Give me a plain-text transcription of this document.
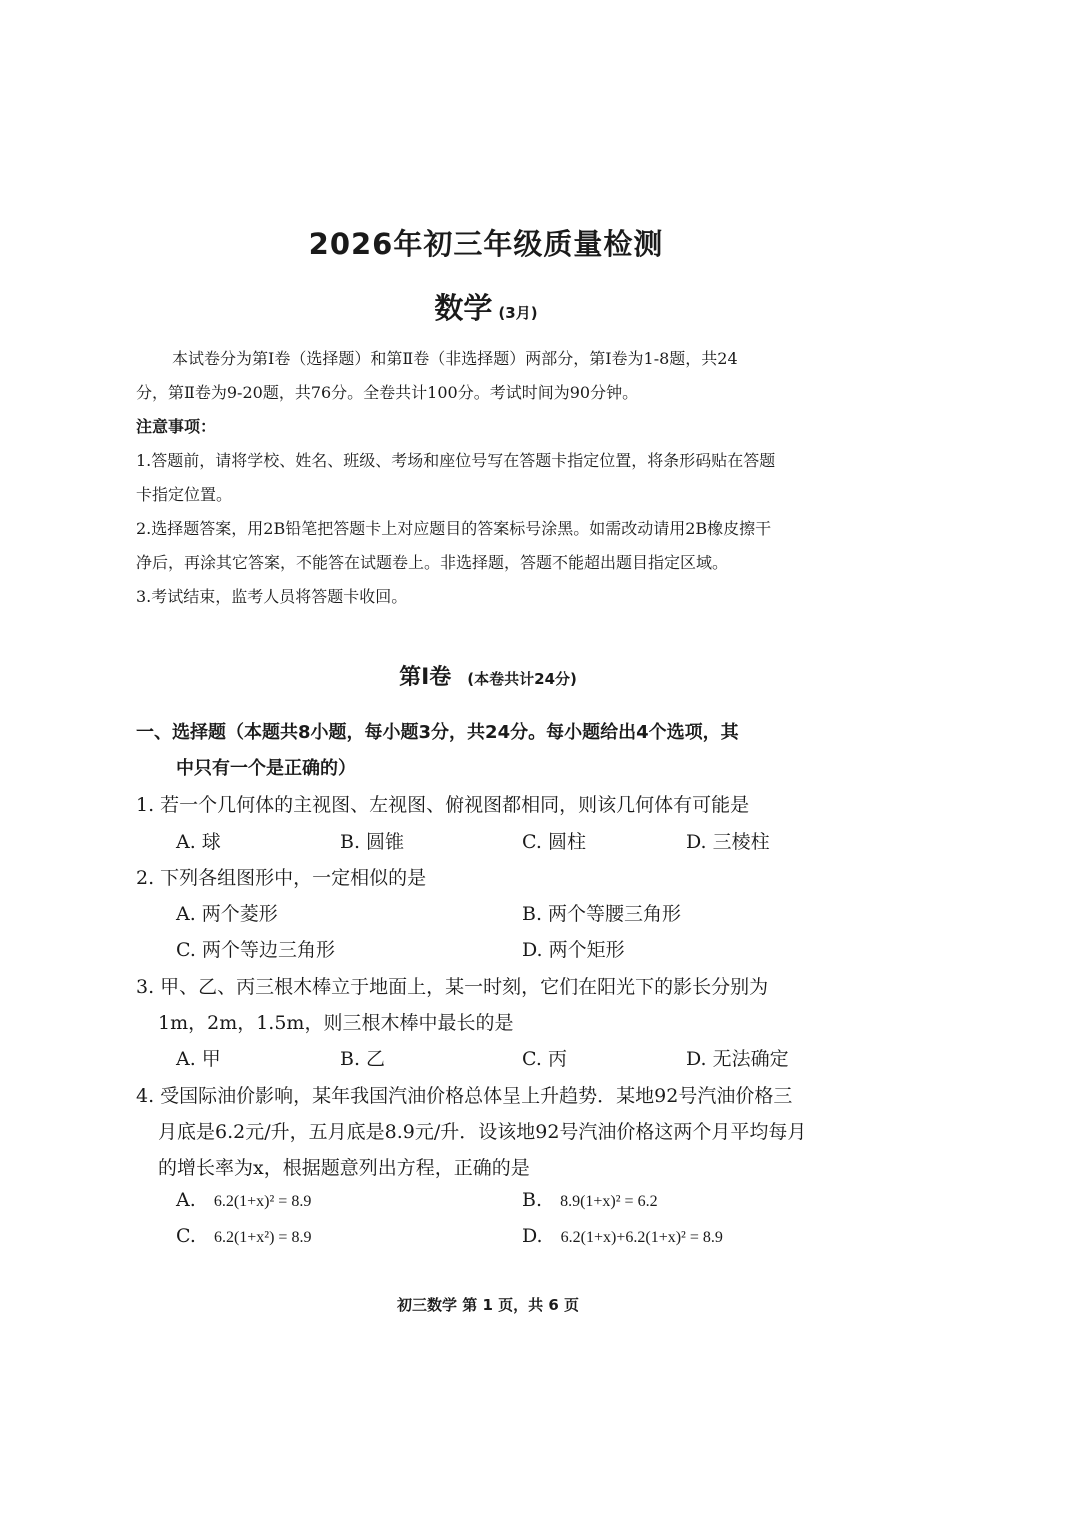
2026年初三年级质量检测
数学 (3月)
本试卷分为第Ⅰ卷（选择题）和第Ⅱ卷（非选择题）两部分，第Ⅰ卷为1-8题，共24
分，第Ⅱ卷为9-20题，共76分。全卷共计100分。考试时间为90分钟。
注意事项：
1.答题前，请将学校、姓名、班级、考场和座位号写在答题卡指定位置，将条形码贴在答题
卡指定位置。
2.选择题答案，用2B铅笔把答题卡上对应题目的答案标号涂黑。如需改动请用2B橡皮擦干
净后，再涂其它答案，不能答在试题卷上。非选择题，答题不能超出题目指定区域。
3.考试结束，监考人员将答题卡收回。
第Ⅰ卷 (本卷共计24分)
一、选择题（本题共8小题，每小题3分，共24分。每小题给出4个选项，其
中只有一个是正确的）
1. 若一个几何体的主视图、左视图、俯视图都相同，则该几何体有可能是
A. 球	B. 圆锥	C. 圆柱	D. 三棱柱
2. 下列各组图形中，一定相似的是
A. 两个菱形	B. 两个等腰三角形
C. 两个等边三角形	D. 两个矩形
3. 甲、乙、丙三根木棒立于地面上，某一时刻，它们在阳光下的影长分别为
1m，2m，1.5m，则三根木棒中最长的是
A. 甲	B. 乙	C. 丙	D. 无法确定
4. 受国际油价影响，某年我国汽油价格总体呈上升趋势．某地92号汽油价格三
月底是6.2元/升，五月底是8.9元/升．设该地92号汽油价格这两个月平均每月
的增长率为x，根据题意列出方程，正确的是
A. 6.2(1+x)² = 8.9	B. 8.9(1+x)² = 6.2
C. 6.2(1+x²) = 8.9	D. 6.2(1+x)+6.2(1+x)² = 8.9
初三数学 第 1 页，共 6 页
